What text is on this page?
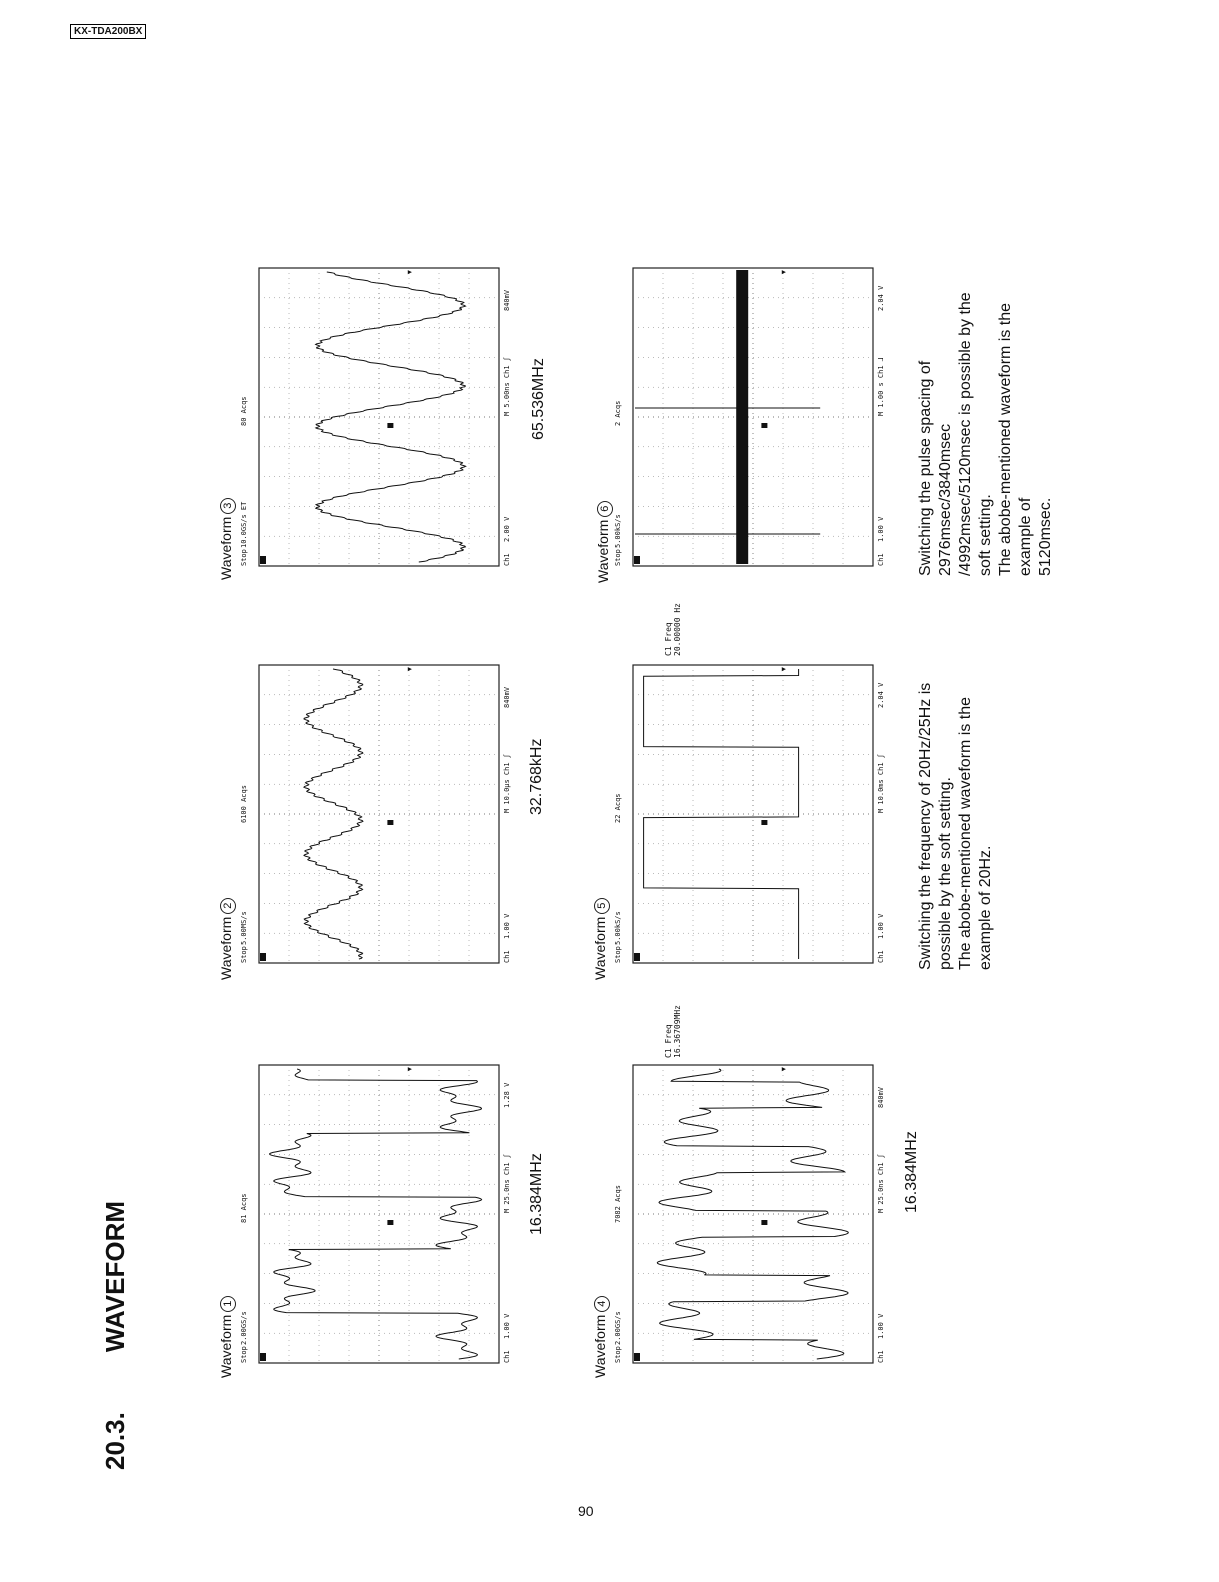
KX-TDA200BX
20.3.WAVEFORM	Waveform1
Waveform2
Waveform3
Waveform4
Waveform5
Waveform6
▶
Stop
2.00GS/s
81 Acqs
Ch1
1.00 V
M 25.0ns Ch1 ʃ
1.28 V
▶
Stop
5.00MS/s
6100 Acqs
Ch1
1.00 V
M 10.0μs Ch1 ʃ
840mV
▶
Stop
10.0GS/s ET
80 Acqs
Ch1
2.00 V
M 5.00ns Ch1 ʃ
840mV
▶
Stop
2.00GS/s
7082 Acqs
Ch1
1.00 V
M 25.0ns Ch1 ʃ
840mV
▶
Stop
5.00kS/s
22 Acqs
Ch1
1.00 V
M 10.0ms Ch1 ʃ
2.04 V
▶
Stop
5.00kS/s
2 Acqs
Ch1
1.00 V
M 1.00 s Ch1 ⅃
2.04 V
C1 Freq 16.36709MHz
C1 Freq 20.00000 Hz
16.384MHz
32.768kHz
65.536MHz
16.384MHz

Switching the frequency of 20Hz/25Hz is possible by the soft setting. The abobe-mentioned waveform is the example of 20Hz.

Switching the pulse spacing of 2976msec/3840msec /4992msec/5120msec is possible by the soft setting. The abobe-mentioned waveform is the example of 5120msec.

90
